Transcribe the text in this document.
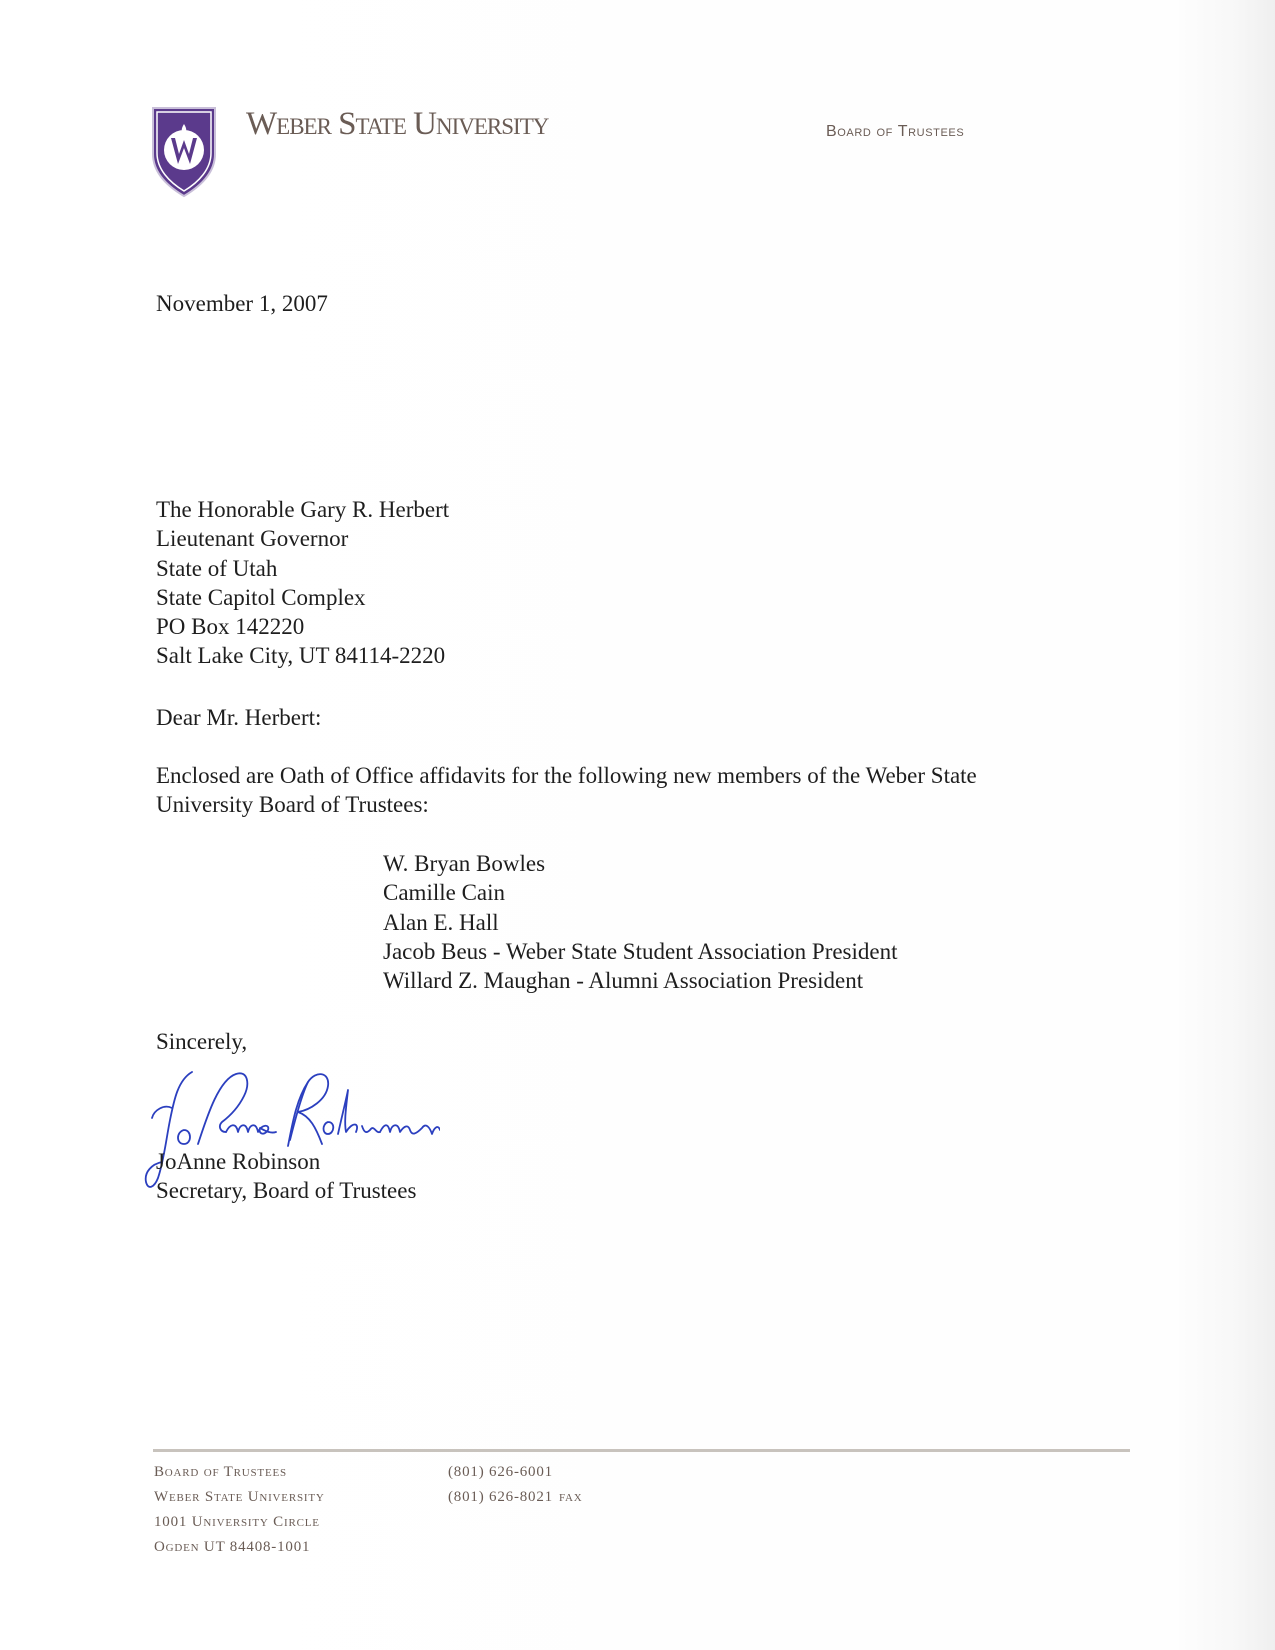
Weber State University	Board of Trustees
November 1, 2007
The Honorable Gary R. Herbert
Lieutenant Governor
State of Utah
State Capitol Complex
PO Box 142220
Salt Lake City, UT 84114-2220
Dear Mr. Herbert:
Enclosed are Oath of Office affidavits for the following new members of the Weber State
University Board of Trustees:
W. Bryan Bowles
Camille Cain
Alan E. Hall
Jacob Beus - Weber State Student Association President
Willard Z. Maughan - Alumni Association President
Sincerely,
JoAnne Robinson
Secretary, Board of Trustees
Board of Trustees
Weber State University
1001 University Circle
Ogden UT 84408-1001
(801) 626-6001
(801) 626-8021 fax
